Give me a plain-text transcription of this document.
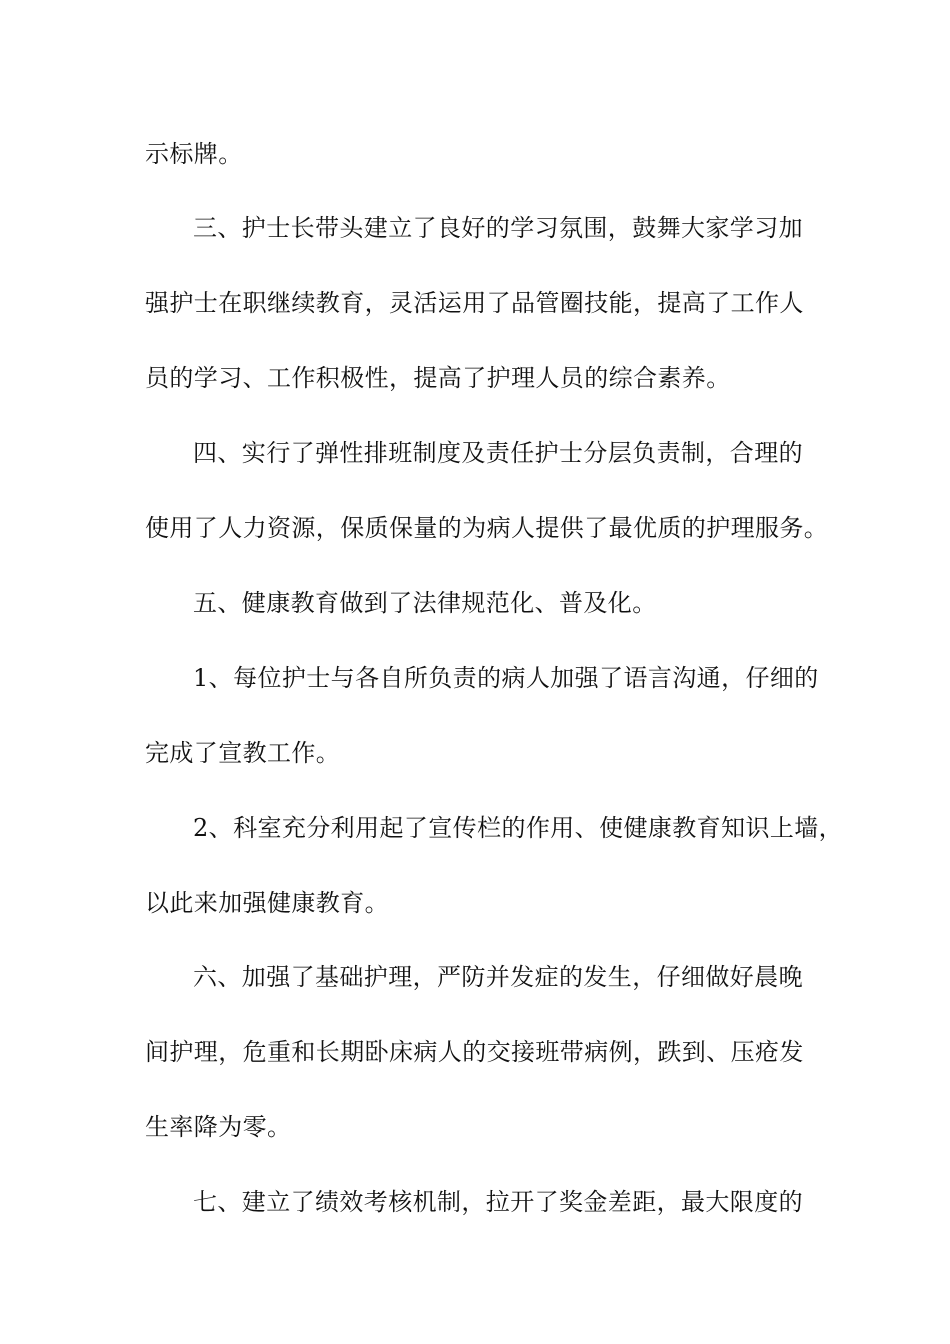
示标牌。
三、护士长带头建立了良好的学习氛围，鼓舞大家学习加
强护士在职继续教育，灵活运用了品管圈技能，提高了工作人
员的学习、工作积极性，提高了护理人员的综合素养。
四、实行了弹性排班制度及责任护士分层负责制，合理的
使用了人力资源，保质保量的为病人提供了最优质的护理服务。
五、健康教育做到了法律规范化、普及化。
1、每位护士与各自所负责的病人加强了语言沟通，仔细的
完成了宣教工作。
2、科室充分利用起了宣传栏的作用、使健康教育知识上墙，
以此来加强健康教育。
六、加强了基础护理，严防并发症的发生，仔细做好晨晚
间护理，危重和长期卧床病人的交接班带病例，跌到、压疮发
生率降为零。
七、建立了绩效考核机制，拉开了奖金差距，最大限度的
